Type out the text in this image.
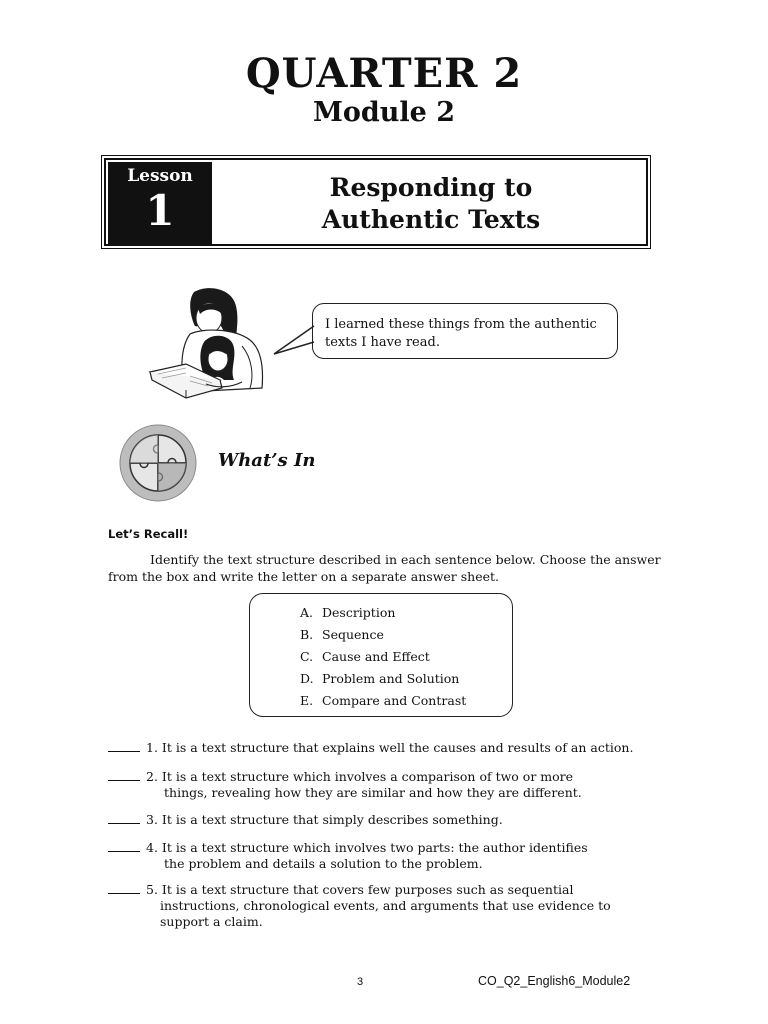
QUARTER 2
Module 2
Lesson
1	Responding to
Authentic Texts
I learned these things from the authentic
texts I have read.
What’s In
Let’s Recall!
Identify the text structure described in each sentence below. Choose the answer
from the box and write the letter on a separate answer sheet.
A. Description
B. Sequence
C. Cause and Effect
D. Problem and Solution
E. Compare and Contrast
1. It is a text structure that explains well the causes and results of an action.
2. It is a text structure which involves a comparison of two or more
things, revealing how they are similar and how they are different.
3. It is a text structure that simply describes something.
4. It is a text structure which involves two parts: the author identifies
the problem and details a solution to the problem.
5. It is a text structure that covers few purposes such as sequential
instructions, chronological events, and arguments that use evidence to
support a claim.
3	CO_Q2_English6_Module2
